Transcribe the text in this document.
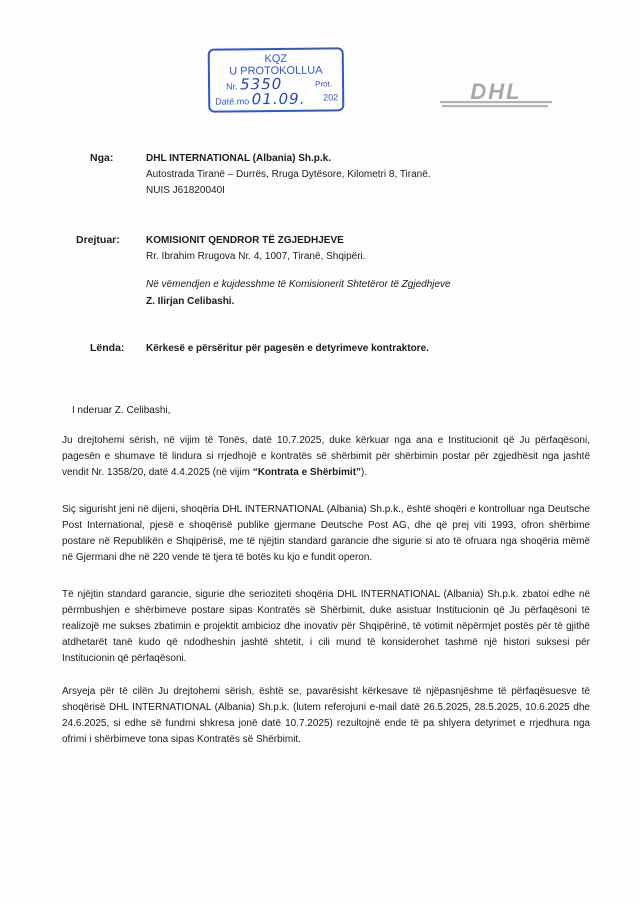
KQZ
U PROTOKOLLUA
Nr. 5350	Prot.
Datë.mo 01.09.	202	DHL
Nga:	DHL INTERNATIONAL (Albania) Sh.p.k.
Autostrada Tiranë – Durrës, Rruga Dytësore, Kilometri 8, Tiranë.
NUIS J61820040I
Drejtuar:	KOMISIONIT QENDROR TË ZGJEDHJEVE
Rr. Ibrahim Rrugova Nr. 4, 1007, Tiranë, Shqipëri.
Në vëmendjen e kujdesshme të Komisionerit Shtetëror të Zgjedhjeve
Z. Ilirjan Celibashi.
Lënda: Kërkesë e përsëritur për pagesën e detyrimeve kontraktore.
I nderuar Z. Celibashi,
Ju drejtohemi sërish, në vijim të Tonës, datë 10.7.2025, duke kërkuar nga ana e Institucionit që Ju përfaqësoni, pagesën e shumave të lindura si rrjedhojë e kontratës së shërbimit për shërbimin postar për zgjedhësit nga jashtë vendit Nr. 1358/20, datë 4.4.2025 (në vijim “Kontrata e Shërbimit”).
Siç sigurisht jeni në dijeni, shoqëria DHL INTERNATIONAL (Albania) Sh.p.k., është shoqëri e kontrolluar nga Deutsche Post International, pjesë e shoqërisë publike gjermane Deutsche Post AG, dhe që prej viti 1993, ofron shërbime postare në Republikën e Shqipërisë, me të njëjtin standard garancie dhe sigurie si ato të ofruara nga shoqëria mëmë në Gjermani dhe në 220 vende të tjera të botës ku kjo e fundit operon.
Të njëjtin standard garancie, sigurie dhe serioziteti shoqëria DHL INTERNATIONAL (Albania) Sh.p.k. zbatoi edhe në përmbushjen e shërbimeve postare sipas Kontratës së Shërbimit, duke asistuar Institucionin që Ju përfaqësoni të realizojë me sukses zbatimin e projektit ambicioz dhe inovativ për Shqipërinë, të votimit nëpërmjet postës për të gjithë atdhetarët tanë kudo që ndodheshin jashtë shtetit, i cili mund të konsiderohet tashmë një histori suksesi për Institucionin që përfaqësoni.
Arsyeja për të cilën Ju drejtohemi sërish, është se, pavarësisht kërkesave të njëpasnjëshme të përfaqësuesve të shoqërisë DHL INTERNATIONAL (Albania) Sh.p.k. (lutem referojuni e-mail datë 26.5.2025, 28.5.2025, 10.6.2025 dhe 24.6.2025, si edhe së fundmi shkresa jonë datë 10.7.2025) rezultojnë ende të pa shlyera detyrimet e rrjedhura nga ofrimi i shërbimeve tona sipas Kontratës së Shërbimit.
